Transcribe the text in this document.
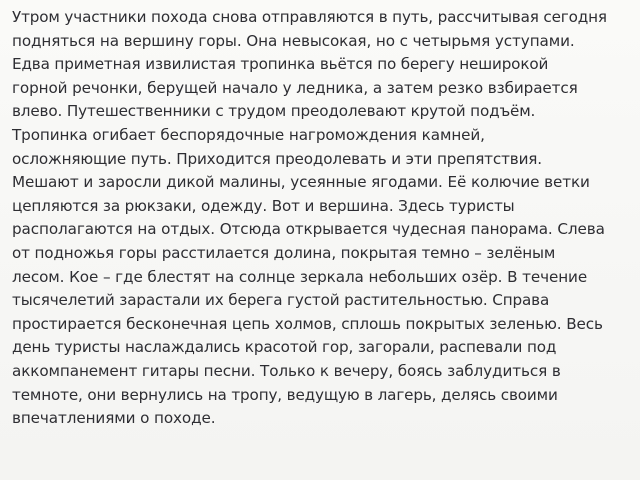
Утром участники похода снова отправляются в путь, рассчитывая сегодня
подняться на вершину горы. Она невысокая, но с четырьмя уступами.
Едва приметная извилистая тропинка вьётся по берегу неширокой
горной речонки, берущей начало у ледника, а затем резко взбирается
влево. Путешественники с трудом преодолевают крутой подъём.
Тропинка огибает беспорядочные нагромождения камней,
осложняющие путь. Приходится преодолевать и эти препятствия.
Мешают и заросли дикой малины, усеянные ягодами. Её колючие ветки
цепляются за рюкзаки, одежду. Вот и вершина. Здесь туристы
располагаются на отдых. Отсюда открывается чудесная панорама. Слева
от подножья горы расстилается долина, покрытая темно – зелёным
лесом. Кое – где блестят на солнце зеркала небольших озёр. В течение
тысячелетий зарастали их берега густой растительностью. Справа
простирается бесконечная цепь холмов, сплошь покрытых зеленью. Весь
день туристы наслаждались красотой гор, загорали, распевали под
аккомпанемент гитары песни. Только к вечеру, боясь заблудиться в
темноте, они вернулись на тропу, ведущую в лагерь, делясь своими
впечатлениями о походе.
